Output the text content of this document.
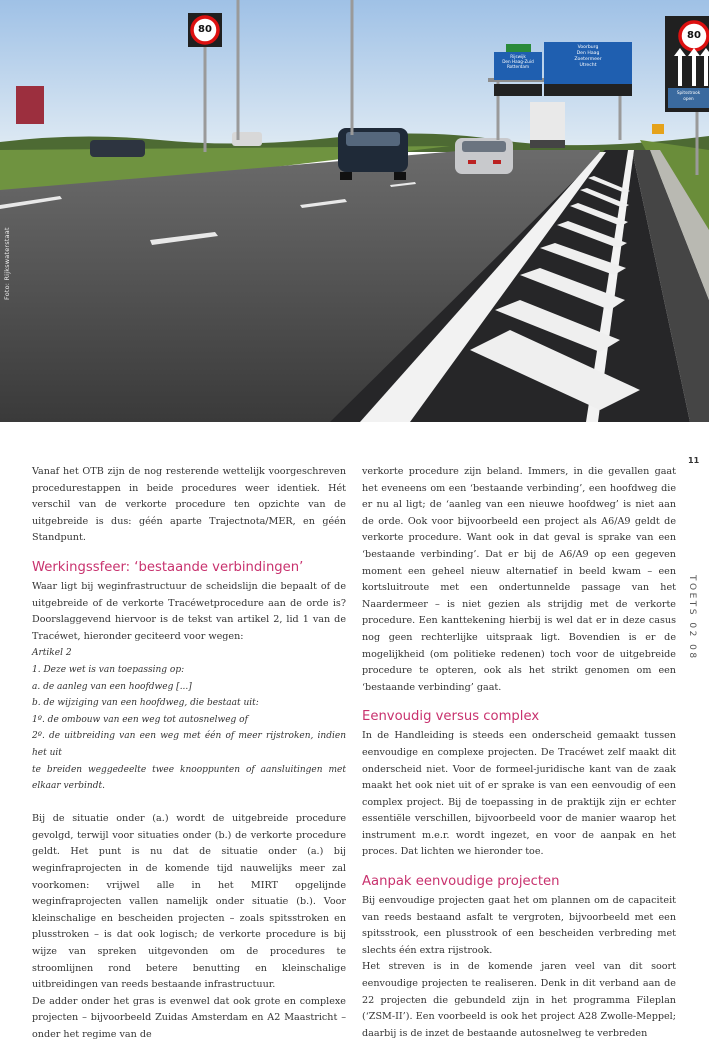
80
80
Rijswijk
Den Haag-Zuid
Rotterdam
Voorburg
Den Haag
Zoetermeer
Utrecht
Spitsstrook
open
Foto: Rijkswaterstaat
11
TOETS 02 08

Vanaf het OTB zijn de nog resterende wettelijk voorgeschreven procedurestappen in beide procedures weer identiek. Hét verschil van de verkorte procedure ten opzichte van de uitgebreide is dus: géén aparte Trajectnota/MER, en géén Standpunt.

Werkingssfeer: ‘bestaande verbindingen’

Waar ligt bij weginfrastructuur de scheidslijn die bepaalt of de uitgebreide of de verkorte Tracéwetprocedure aan de orde is? Doorslaggevend hiervoor is de tekst van artikel 2, lid 1 van de Tracéwet, hieronder geciteerd voor wegen:

Artikel 2

1. Deze wet is van toepassing op:

a. de aanleg van een hoofdweg [...]

b. de wijziging van een hoofdweg, die bestaat uit:

1º. de ombouw van een weg tot autosnelweg of

2º. de uitbreiding van een weg met één of meer rijstroken, indien het uit

te breiden weggedeelte twee knooppunten of aansluitingen met elkaar verbindt.

Bij de situatie onder (a.) wordt de uitgebreide procedure gevolgd, terwijl voor situaties onder (b.) de verkorte procedure geldt. Het punt is nu dat de situatie onder (a.) bij weginfraprojecten in de komende tijd nauwelijks meer zal voorkomen: vrijwel alle in het MIRT opgelijnde weginfraprojecten vallen namelijk onder situatie (b.). Voor kleinschalige en bescheiden projecten – zoals spitsstroken en plusstroken – is dat ook logisch; de verkorte procedure is bij wijze van spreken uitgevonden om de procedures te stroomlijnen rond betere benutting en kleinschalige uitbreidingen van reeds bestaande infrastructuur.

De adder onder het gras is evenwel dat ook grote en complexe projecten – bijvoorbeeld Zuidas Amsterdam en A2 Maastricht – onder het regime van de

verkorte procedure zijn beland. Immers, in die gevallen gaat het eveneens om een ‘bestaande verbinding’, een hoofdweg die er nu al ligt; de ‘aanleg van een nieuwe hoofdweg’ is niet aan de orde. Ook voor bijvoorbeeld een project als A6/A9 geldt de verkorte procedure. Want ook in dat geval is sprake van een ‘bestaande verbinding’. Dat er bij de A6/A9 op een gegeven moment een geheel nieuw alternatief in beeld kwam – een kortsluitroute met een ondertunnelde passage van het Naardermeer – is niet gezien als strijdig met de verkorte procedure. Een kanttekening hierbij is wel dat er in deze casus nog geen rechterlijke uitspraak ligt. Bovendien is er de mogelijkheid (om politieke redenen) toch voor de uitgebreide procedure te opteren, ook als het strikt genomen om een ‘bestaande verbinding’ gaat.

Eenvoudig versus complex

In de Handleiding is steeds een onderscheid gemaakt tussen eenvoudige en complexe projecten. De Tracéwet zelf maakt dit onderscheid niet. Voor de formeel-juridische kant van de zaak maakt het ook niet uit of er sprake is van een eenvoudig of een complex project. Bij de toepassing in de praktijk zijn er echter essentiële verschillen, bijvoorbeeld voor de manier waarop het instrument m.e.r. wordt ingezet, en voor de aanpak en het proces. Dat lichten we hieronder toe.

Aanpak eenvoudige projecten

Bij eenvoudige projecten gaat het om plannen om de capaciteit van reeds bestaand asfalt te vergroten, bijvoorbeeld met een spitsstrook, een plusstrook of een bescheiden verbreding met slechts één extra rijstrook.

Het streven is in de komende jaren veel van dit soort eenvoudige projecten te realiseren. Denk in dit verband aan de 22 projecten die gebundeld zijn in het programma Fileplan (‘ZSM-II’). Een voorbeeld is ook het project A28 Zwolle-Meppel; daarbij is de inzet de bestaande autosnelweg te verbreden
